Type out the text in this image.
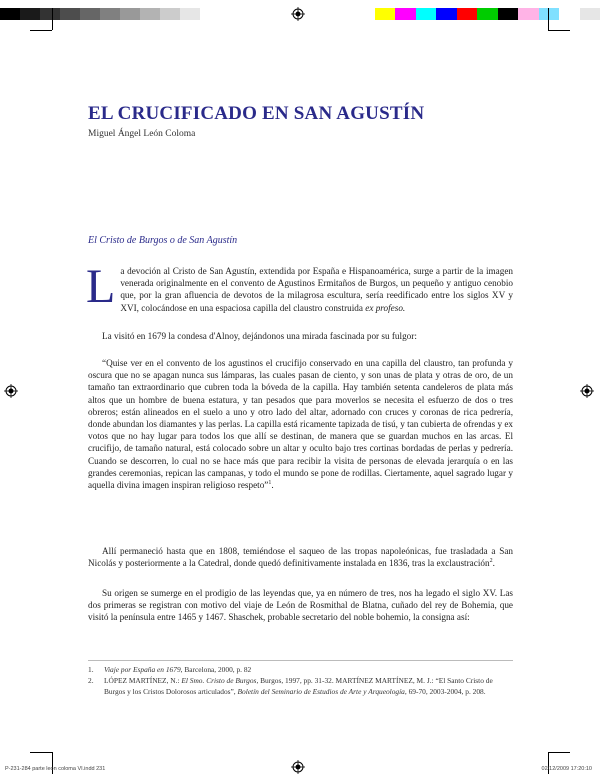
EL CRUCIFICADO EN SAN AGUSTÍN
Miguel Ángel León Coloma
El Cristo de Burgos o de San Agustín

La devoción al Cristo de San Agustín, extendida por España e Hispanoamérica, surge a partir de la imagen venerada originalmente en el convento de Agustinos Ermitaños de Burgos, un pequeño y antiguo cenobio que, por la gran afluencia de devotos de la milagrosa escultura, sería reedificado entre los siglos XV y XVI, colocándose en una espaciosa capilla del claustro construida ex profeso.

La visitó en 1679 la condesa d'Alnoy, dejándonos una mirada fascinada por su fulgor:

“Quise ver en el convento de los agustinos el crucifijo conservado en una capilla del claustro, tan profunda y oscura que no se apagan nunca sus lámparas, las cuales pasan de ciento, y son unas de plata y otras de oro, de un tamaño tan extraordinario que cubren toda la bóveda de la capilla. Hay también setenta candeleros de plata más altos que un hombre de buena estatura, y tan pesados que para moverlos se necesita el esfuerzo de dos o tres obreros; están alineados en el suelo a uno y otro lado del altar, adornado con cruces y coronas de rica pedrería, donde abundan los diamantes y las perlas. La capilla está ricamente tapizada de tisú, y tan cubierta de ofrendas y ex votos que no hay lugar para todos los que allí se destinan, de manera que se guardan muchos en las arcas. El crucifijo, de tamaño natural, está colocado sobre un altar y oculto bajo tres cortinas bordadas de perlas y pedrería. Cuando se descorren, lo cual no se hace más que para recibir la visita de personas de elevada jerarquía o en las grandes ceremonias, repican las campanas, y todo el mundo se pone de rodillas. Ciertamente, aquel sagrado lugar y aquella divina imagen inspiran religioso respeto”$^1$.

Allí permaneció hasta que en 1808, temiéndose el saqueo de las tropas napoleónicas, fue trasladada a San Nicolás y posteriormente a la Catedral, donde quedó definitivamente instalada en 1836, tras la exclaustración$^2$.

Su origen se sumerge en el prodigio de las leyendas que, ya en número de tres, nos ha legado el siglo XV. Las dos primeras se registran con motivo del viaje de León de Rosmithal de Blatna, cuñado del rey de Bohemia, que visitó la península entre 1465 y 1467. Shaschek, probable secretario del noble bohemio, la consigna así:

1.	Viaje por España en 1679, Barcelona, 2000, p. 82
2.	LÓPEZ MARTÍNEZ, N.: El Smo. Cristo de Burgos, Burgos, 1997, pp. 31-32. MARTÍNEZ MARTÍNEZ, M. J.: “El Santo Cristo de Burgos y los Cristos Dolorosos articulados”, Boletín del Seminario de Estudios de Arte y Arqueología, 69-70, 2003-2004, p. 208.
P-231-284 parte leon coloma VI.indd 231	02/12/2009 17:20:10
